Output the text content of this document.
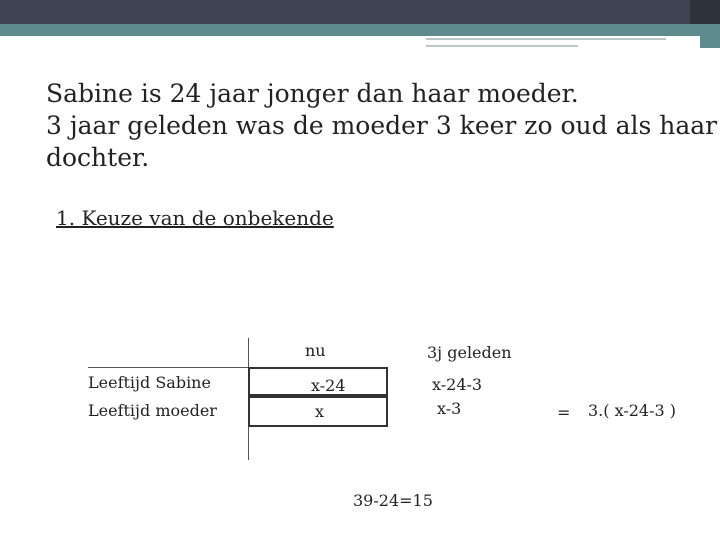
Sabine is 24 jaar jonger dan haar moeder.
3 jaar geleden was de moeder 3 keer zo oud als haar
dochter.
1. Keuze van de onbekende
nu	3j geleden
Leeftijd Sabine
Leeftijd moeder
x-24
x
x-24-3
x-3	= 3.( x-24-3 )
39-24=15
